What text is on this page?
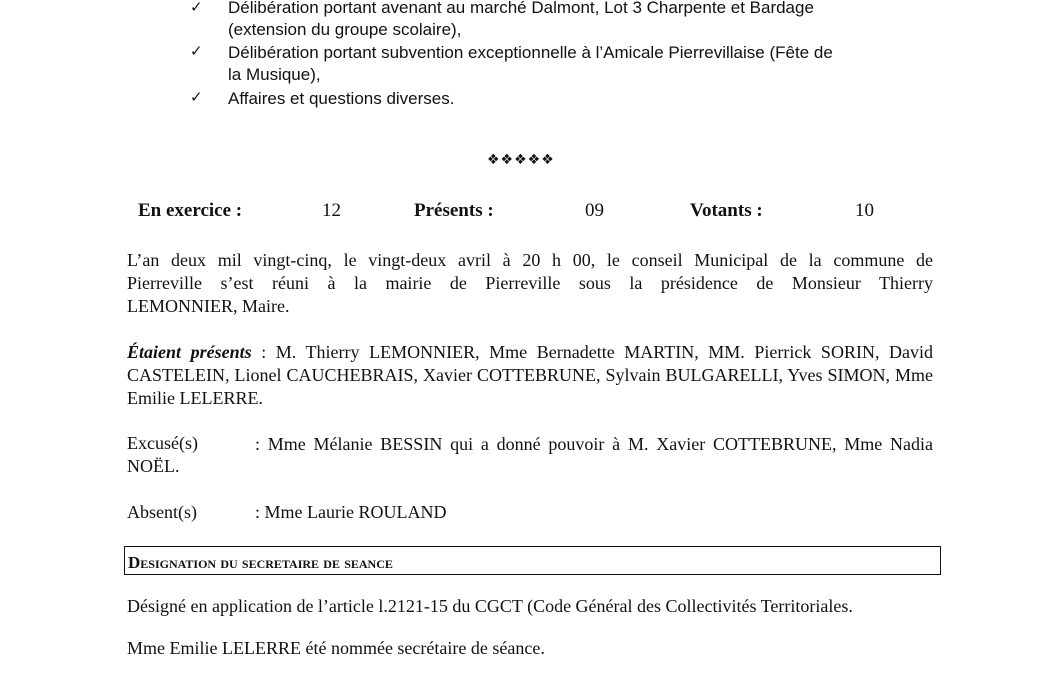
✓ Délibération portant avenant au marché Dalmont, Lot 3 Charpente et Bardage
(extension du groupe scolaire),
✓ Délibération portant subvention exceptionnelle à l’Amicale Pierrevillaise (Fête de
la Musique),
✓ Affaires et questions diverses.
❖❖❖❖❖
En exercice :	12	Présents :	09	Votants :	10
L’an deux mil vingt-cinq, le vingt-deux avril à 20 h 00, le conseil Municipal de la commune de
Pierreville s’est réuni à la mairie de Pierreville sous la présidence de Monsieur Thierry
LEMONNIER, Maire.
Étaient présents : M. Thierry LEMONNIER, Mme Bernadette MARTIN, MM. Pierrick SORIN, David
CASTELEIN, Lionel CAUCHEBRAIS, Xavier COTTEBRUNE, Sylvain BULGARELLI, Yves SIMON, Mme
Emilie LELERRE.
Excusé(s)	: Mme Mélanie BESSIN qui a donné pouvoir à M. Xavier COTTEBRUNE, Mme Nadia
NOËL.
Absent(s)	: Mme Laurie ROULAND
Designation du secretaire de seance
Désigné en application de l’article l.2121-15 du CGCT (Code Général des Collectivités Territoriales.
Mme Emilie LELERRE été nommée secrétaire de séance.
